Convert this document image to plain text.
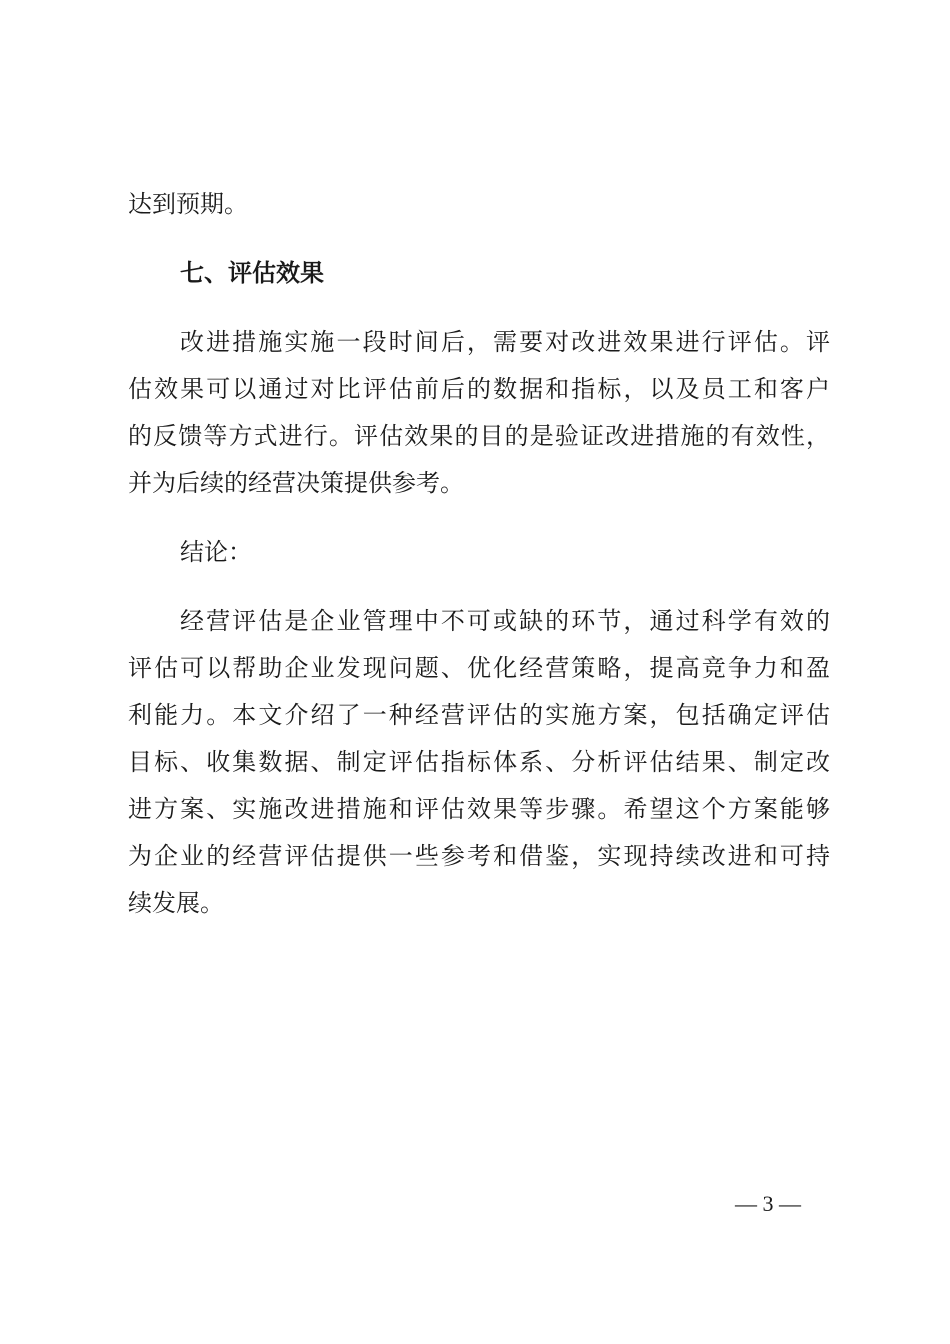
达到预期。
七、评估效果
改进措施实施一段时间后，需要对改进效果进行评估。评
估效果可以通过对比评估前后的数据和指标，以及员工和客户
的反馈等方式进行。评估效果的目的是验证改进措施的有效性，
并为后续的经营决策提供参考。
结论：
经营评估是企业管理中不可或缺的环节，通过科学有效的
评估可以帮助企业发现问题、优化经营策略，提高竞争力和盈
利能力。本文介绍了一种经营评估的实施方案，包括确定评估
目标、收集数据、制定评估指标体系、分析评估结果、制定改
进方案、实施改进措施和评估效果等步骤。希望这个方案能够
为企业的经营评估提供一些参考和借鉴，实现持续改进和可持
续发展。
— 3 —
